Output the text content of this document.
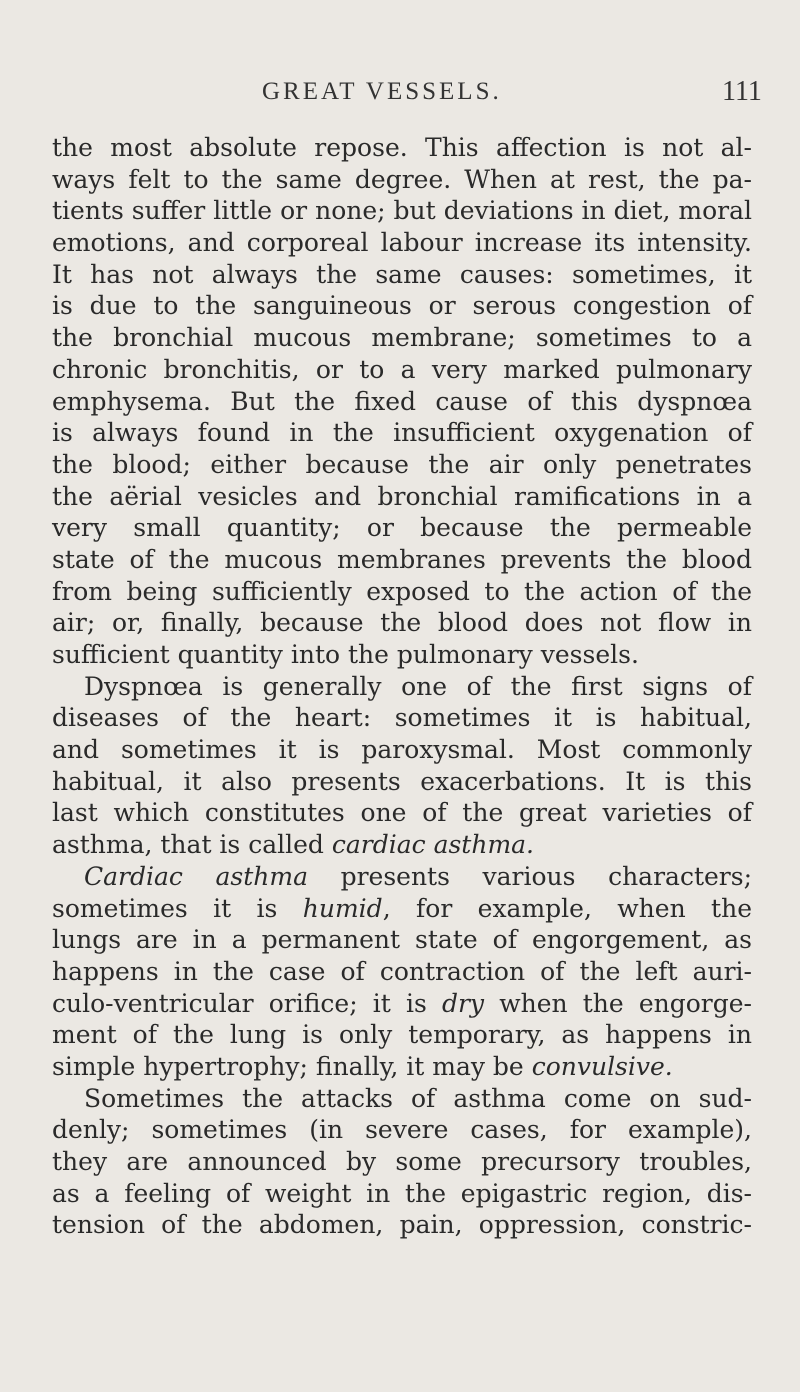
GREAT VESSELS.	111
the most absolute repose. This affection is not al-
ways felt to the same degree. When at rest, the pa-
tients suffer little or none; but deviations in diet, moral
emotions, and corporeal labour increase its intensity.
It has not always the same causes: sometimes, it
is due to the sanguineous or serous congestion of
the bronchial mucous membrane; sometimes to a
chronic bronchitis, or to a very marked pulmonary
emphysema. But the fixed cause of this dyspnœa
is always found in the insufficient oxygenation of
the blood; either because the air only penetrates
the aërial vesicles and bronchial ramifications in a
very small quantity; or because the permeable
state of the mucous membranes prevents the blood
from being sufficiently exposed to the action of the
air; or, finally, because the blood does not flow in
sufficient quantity into the pulmonary vessels.
Dyspnœa is generally one of the first signs of
diseases of the heart: sometimes it is habitual,
and sometimes it is paroxysmal. Most commonly
habitual, it also presents exacerbations. It is this
last which constitutes one of the great varieties of
asthma, that is called cardiac asthma.
Cardiac asthma presents various characters;
sometimes it is humid, for example, when the
lungs are in a permanent state of engorgement, as
happens in the case of contraction of the left auri-
culo-ventricular orifice; it is dry when the engorge-
ment of the lung is only temporary, as happens in
simple hypertrophy; finally, it may be convulsive.
Sometimes the attacks of asthma come on sud-
denly; sometimes (in severe cases, for example),
they are announced by some precursory troubles,
as a feeling of weight in the epigastric region, dis-
tension of the abdomen, pain, oppression, constric-
